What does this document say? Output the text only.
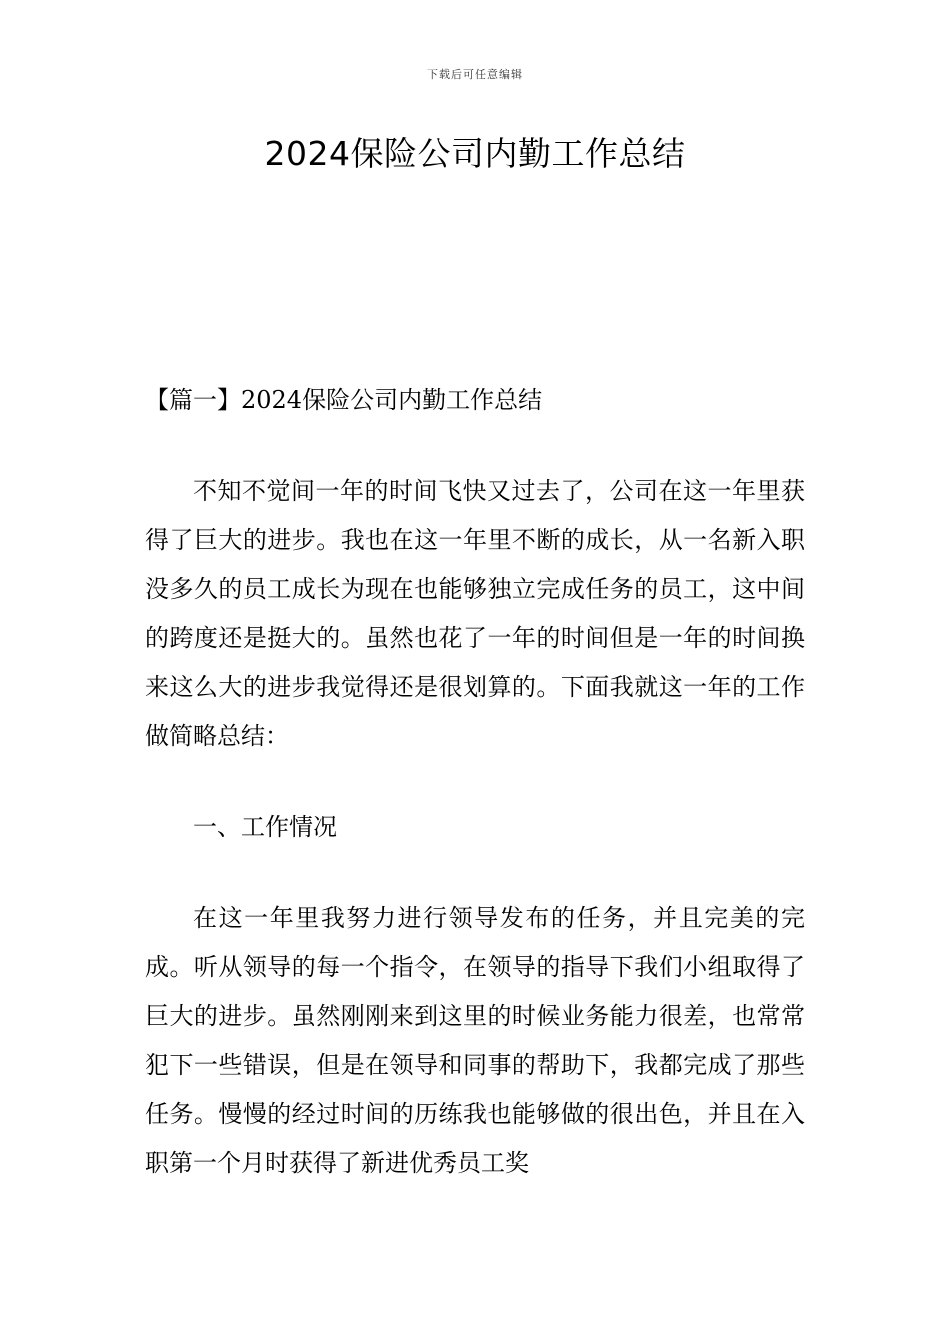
下载后可任意编辑
2024保险公司内勤工作总结

【篇一】2024保险公司内勤工作总结

不知不觉间一年的时间飞快又过去了，公司在这一年里获得了巨大的进步。我也在这一年里不断的成长，从一名新入职没多久的员工成长为现在也能够独立完成任务的员工，这中间的跨度还是挺大的。虽然也花了一年的时间但是一年的时间换来这么大的进步我觉得还是很划算的。下面我就这一年的工作做简略总结：

一、工作情况

在这一年里我努力进行领导发布的任务，并且完美的完成。听从领导的每一个指令，在领导的指导下我们小组取得了巨大的进步。虽然刚刚来到这里的时候业务能力很差，也常常犯下一些错误，但是在领导和同事的帮助下，我都完成了那些任务。慢慢的经过时间的历练我也能够做的很出色，并且在入职第一个月时获得了新进优秀员工奖
